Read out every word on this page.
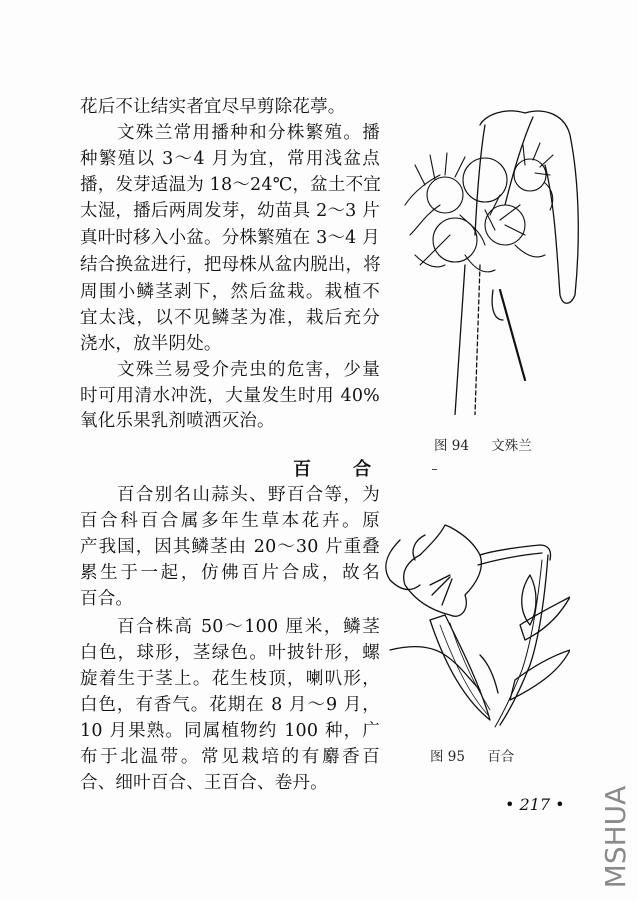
花后不让结实者宜尽早剪除花葶。
文殊兰常用播种和分株繁殖。播
种繁殖以 3～4 月为宜，常用浅盆点
播，发芽适温为 18～24℃，盆土不宜
太湿，播后两周发芽，幼苗具 2～3 片
真叶时移入小盆。分株繁殖在 3～4 月
结合换盆进行，把母株从盆内脱出，将
周围小鳞茎剥下，然后盆栽。栽植不
宜太浅，以不见鳞茎为准，栽后充分
浇水，放半阴处。
文殊兰易受介壳虫的危害，少量
时可用清水冲洗，大量发生时用 40%
氧化乐果乳剂喷洒灭治。
百 合
百合别名山蒜头、野百合等，为
百合科百合属多年生草本花卉。原
产我国，因其鳞茎由 20～30 片重叠
累生于一起，仿佛百片合成，故名
百合。
百合株高 50～100 厘米，鳞茎
白色，球形，茎绿色。叶披针形，螺
旋着生于茎上。花生枝顶，喇叭形，
白色，有香气。花期在 8 月～9 月，
10 月果熟。同属植物约 100 种，广
布于北温带。常见栽培的有麝香百
合、细叶百合、王百合、卷丹。
图 94 文殊兰
图 95 百合
• 217 • MSHUA
